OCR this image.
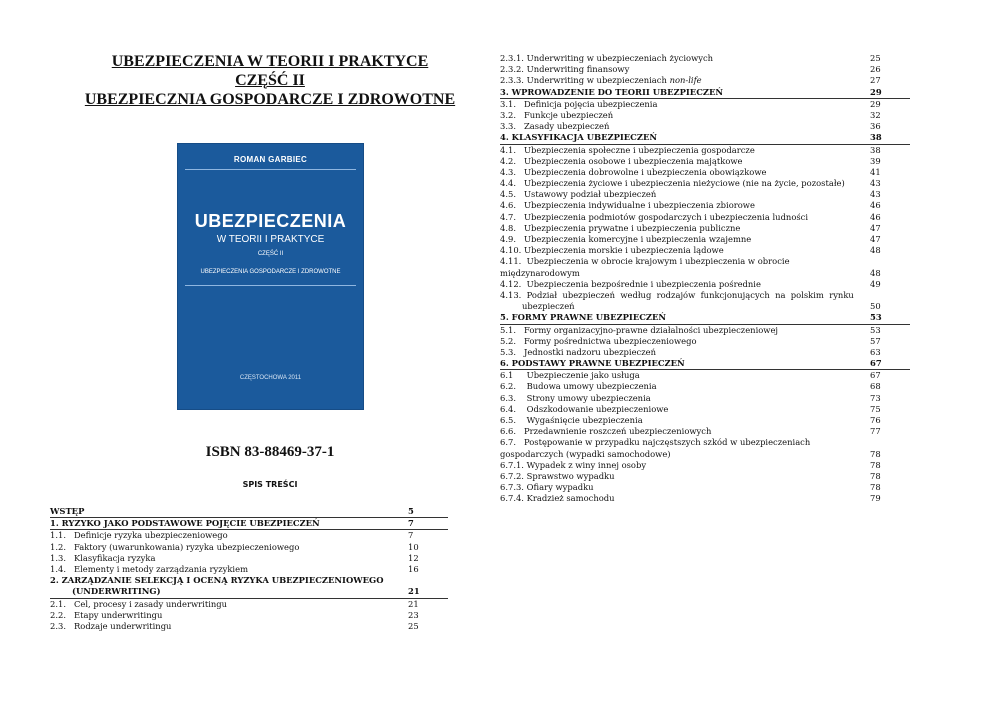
UBEZPIECZENIA W TEORII I PRAKTYCE
CZĘŚĆ II
UBEZPIECZNIA GOSPODARCZE I ZDROWOTNE
ROMAN GARBIEC
UBEZPIECZENIA
W TEORII I PRAKTYCE
CZĘŚĆ II
UBEZPIECZENIA GOSPODARCZE I ZDROWOTNE
CZĘSTOCHOWA 2011
ISBN 83-88469-37-1
SPIS TREŚCI
WSTĘP	5
1. RYZYKO JAKO PODSTAWOWE POJĘCIE UBEZPIECZEŃ	7
1.1.   Definicje ryzyka ubezpieczeniowego	7
1.2.   Faktory (uwarunkowania) ryzyka ubezpieczeniowego	10
1.3.   Klasyfikacja ryzyka	12
1.4.   Elementy i metody zarządzania ryzykiem	16
2. ZARZĄDZANIE SELEKCJĄ I OCENĄ RYZYKA UBEZPIECZENIOWEGO
(UNDERWRITING)	21
2.1.   Cel, procesy i zasady underwritingu	21
2.2.   Etapy underwritingu	23
2.3.   Rodzaje underwritingu	25
2.3.1. Underwriting w ubezpieczeniach życiowych	25
2.3.2. Underwriting finansowy	26
2.3.3. Underwriting w ubezpieczeniach non-life	27
3. WPROWADZENIE DO TEORII UBEZPIECZEŃ	29
3.1.   Definicja pojęcia ubezpieczenia	29
3.2.   Funkcje ubezpieczeń	32
3.3.   Zasady ubezpieczeń	36
4. KLASYFIKACJA UBEZPIECZEŃ	38
4.1.   Ubezpieczenia społeczne i ubezpieczenia gospodarcze	38
4.2.   Ubezpieczenia osobowe i ubezpieczenia majątkowe	39
4.3.   Ubezpieczenia dobrowolne i ubezpieczenia obowiązkowe	41
4.4.   Ubezpieczenia życiowe i ubezpieczenia nieżyciowe (nie na życie, pozostałe)	43
4.5.   Ustawowy podział ubezpieczeń	43
4.6.   Ubezpieczenia indywidualne i ubezpieczenia zbiorowe	46
4.7.   Ubezpieczenia podmiotów gospodarczych i ubezpieczenia ludności	46
4.8.   Ubezpieczenia prywatne i ubezpieczenia publiczne	47
4.9.   Ubezpieczenia komercyjne i ubezpieczenia wzajemne	47
4.10. Ubezpieczenia morskie i ubezpieczenia lądowe	48
4.11.  Ubezpieczenia w obrocie krajowym i ubezpieczenia w obrocie
międzynarodowym	48
4.12.  Ubezpieczenia bezpośrednie i ubezpieczenia pośrednie	49
4.13.  Podział  ubezpieczeń  według  rodzajów  funkcjonujących  na  polskim  rynku
ubezpieczeń	50
5. FORMY PRAWNE UBEZPIECZEŃ	53
5.1.   Formy organizacyjno-prawne działalności ubezpieczeniowej	53
5.2.   Formy pośrednictwa ubezpieczeniowego	57
5.3.   Jednostki nadzoru ubezpieczeń	63
6. PODSTAWY PRAWNE UBEZPIECZEŃ	67
6.1     Ubezpieczenie jako usługa	67
6.2.    Budowa umowy ubezpieczenia	68
6.3.    Strony umowy ubezpieczenia	73
6.4.    Odszkodowanie ubezpieczeniowe	75
6.5.    Wygaśnięcie ubezpieczenia	76
6.6.   Przedawnienie roszczeń ubezpieczeniowych	77
6.7.   Postępowanie w przypadku najczęstszych szkód w ubezpieczeniach
gospodarczych (wypadki samochodowe)	78
6.7.1. Wypadek z winy innej osoby	78
6.7.2. Sprawstwo wypadku	78
6.7.3. Ofiary wypadku	78
6.7.4. Kradzież samochodu	79
